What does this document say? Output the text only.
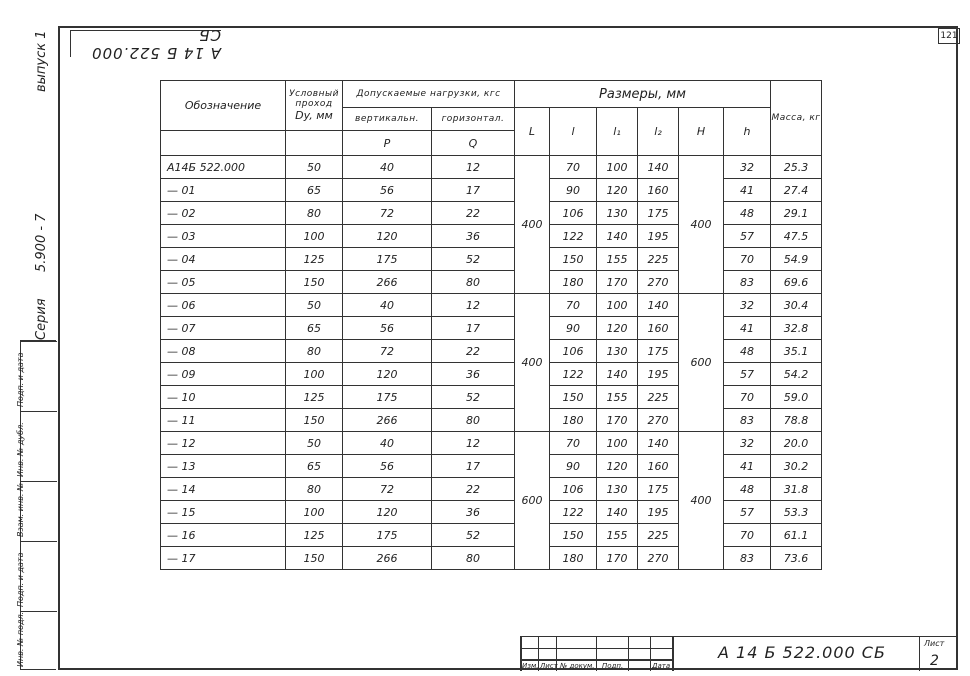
А 14 Б 522.000 СБ	121
выпуск 1
5.900 - 7
Серия
Подп. и дата
Инв. № дубл.
Взам. инв. №
Подп. и дата
Инв. № подл.
Обозначение	Условный проход
Dy, мм	Допускаемые нагрузки, кгс		Размеры, мм						Масса, кг
		вертикальн.	горизонтал.	L	l	l₁	l₂	H	h	
		P	Q							
А14Б 522.000	50	40	12	400	70	100	140	400	32	25.3
— 01	65	56	17		90	120	160		41	27.4
— 02	80	72	22		106	130	175		48	29.1
— 03	100	120	36		122	140	195		57	47.5
— 04	125	175	52		150	155	225		70	54.9
— 05	150	266	80		180	170	270		83	69.6
— 06	50	40	12	400	70	100	140	600	32	30.4
— 07	65	56	17		90	120	160		41	32.8
— 08	80	72	22		106	130	175		48	35.1
— 09	100	120	36		122	140	195		57	54.2
— 10	125	175	52		150	155	225		70	59.0
— 11	150	266	80		180	170	270		83	78.8
— 12	50	40	12	600	70	100	140	400	32	20.0
— 13	65	56	17		90	120	160		41	30.2
— 14	80	72	22		106	130	175		48	31.8
— 15	100	120	36		122	140	195		57	53.3
— 16	125	175	52		150	155	225		70	61.1
— 17	150	266	80		180	170	270		83	73.6
Изм. Лист № докум. Подп.	Дата
А 14 Б 522.000 СБ	Лист
2
